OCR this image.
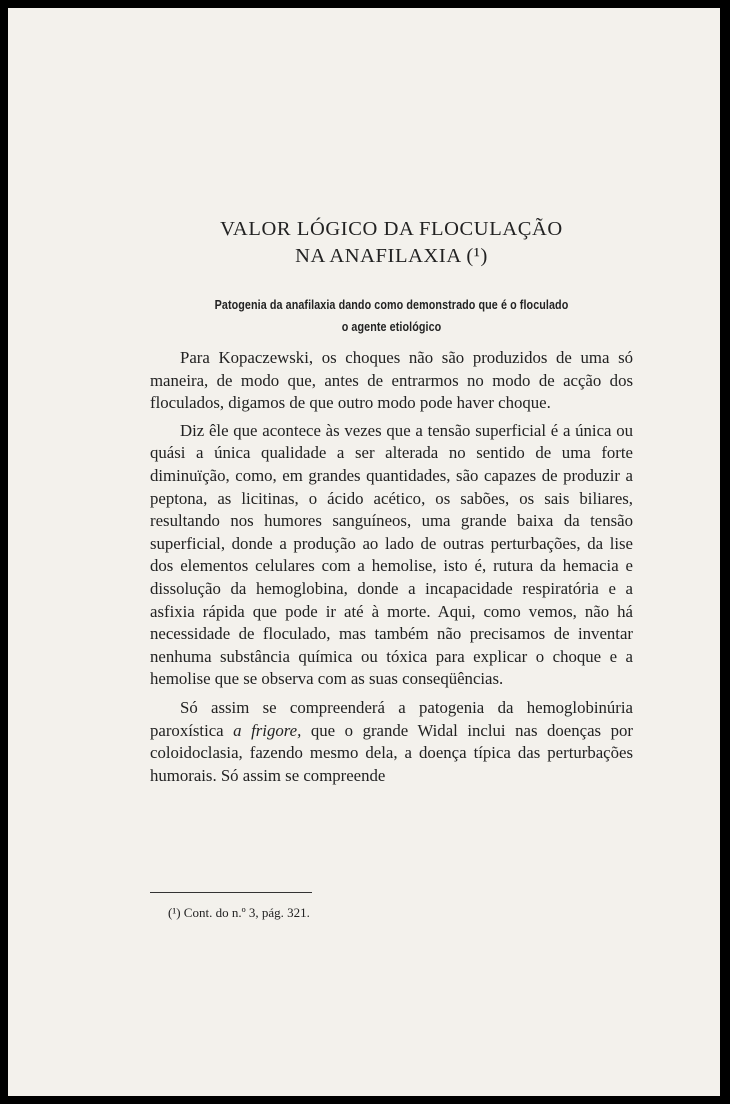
VALOR LÓGICO DA FLOCULAÇÃO
NA ANAFILAXIA (¹)
Patogenia da anafilaxia dando como demonstrado que é o floculado
o agente etiológico

Para Kopaczewski, os choques não são produzidos de uma só maneira, de modo que, antes de entrarmos no modo de acção dos floculados, digamos de que outro modo pode haver choque.

Diz êle que acontece às vezes que a tensão superficial é a única ou quási a única qualidade a ser alterada no sentido de uma forte diminuïção, como, em grandes quantidades, são capazes de produzir a peptona, as licitinas, o ácido acético, os sabões, os sais biliares, resultando nos humores sanguíneos, uma grande baixa da tensão superficial, donde a produção ao lado de outras perturbações, da lise dos elementos celulares com a hemolise, isto é, rutura da hemacia e dissolução da hemoglobina, donde a incapacidade respiratória e a asfixia rápida que pode ir até à morte. Aqui, como vemos, não há necessidade de floculado, mas também não precisamos de inventar nenhuma substância química ou tóxica para explicar o choque e a hemolise que se observa com as suas conseqüências.

Só assim se compreenderá a patogenia da hemoglobinúria paroxística a frigore, que o grande Widal inclui nas doenças por coloidoclasia, fazendo mesmo dela, a doença típica das perturbações humorais. Só assim se compreende

(¹) Cont. do n.º 3, pág. 321.
